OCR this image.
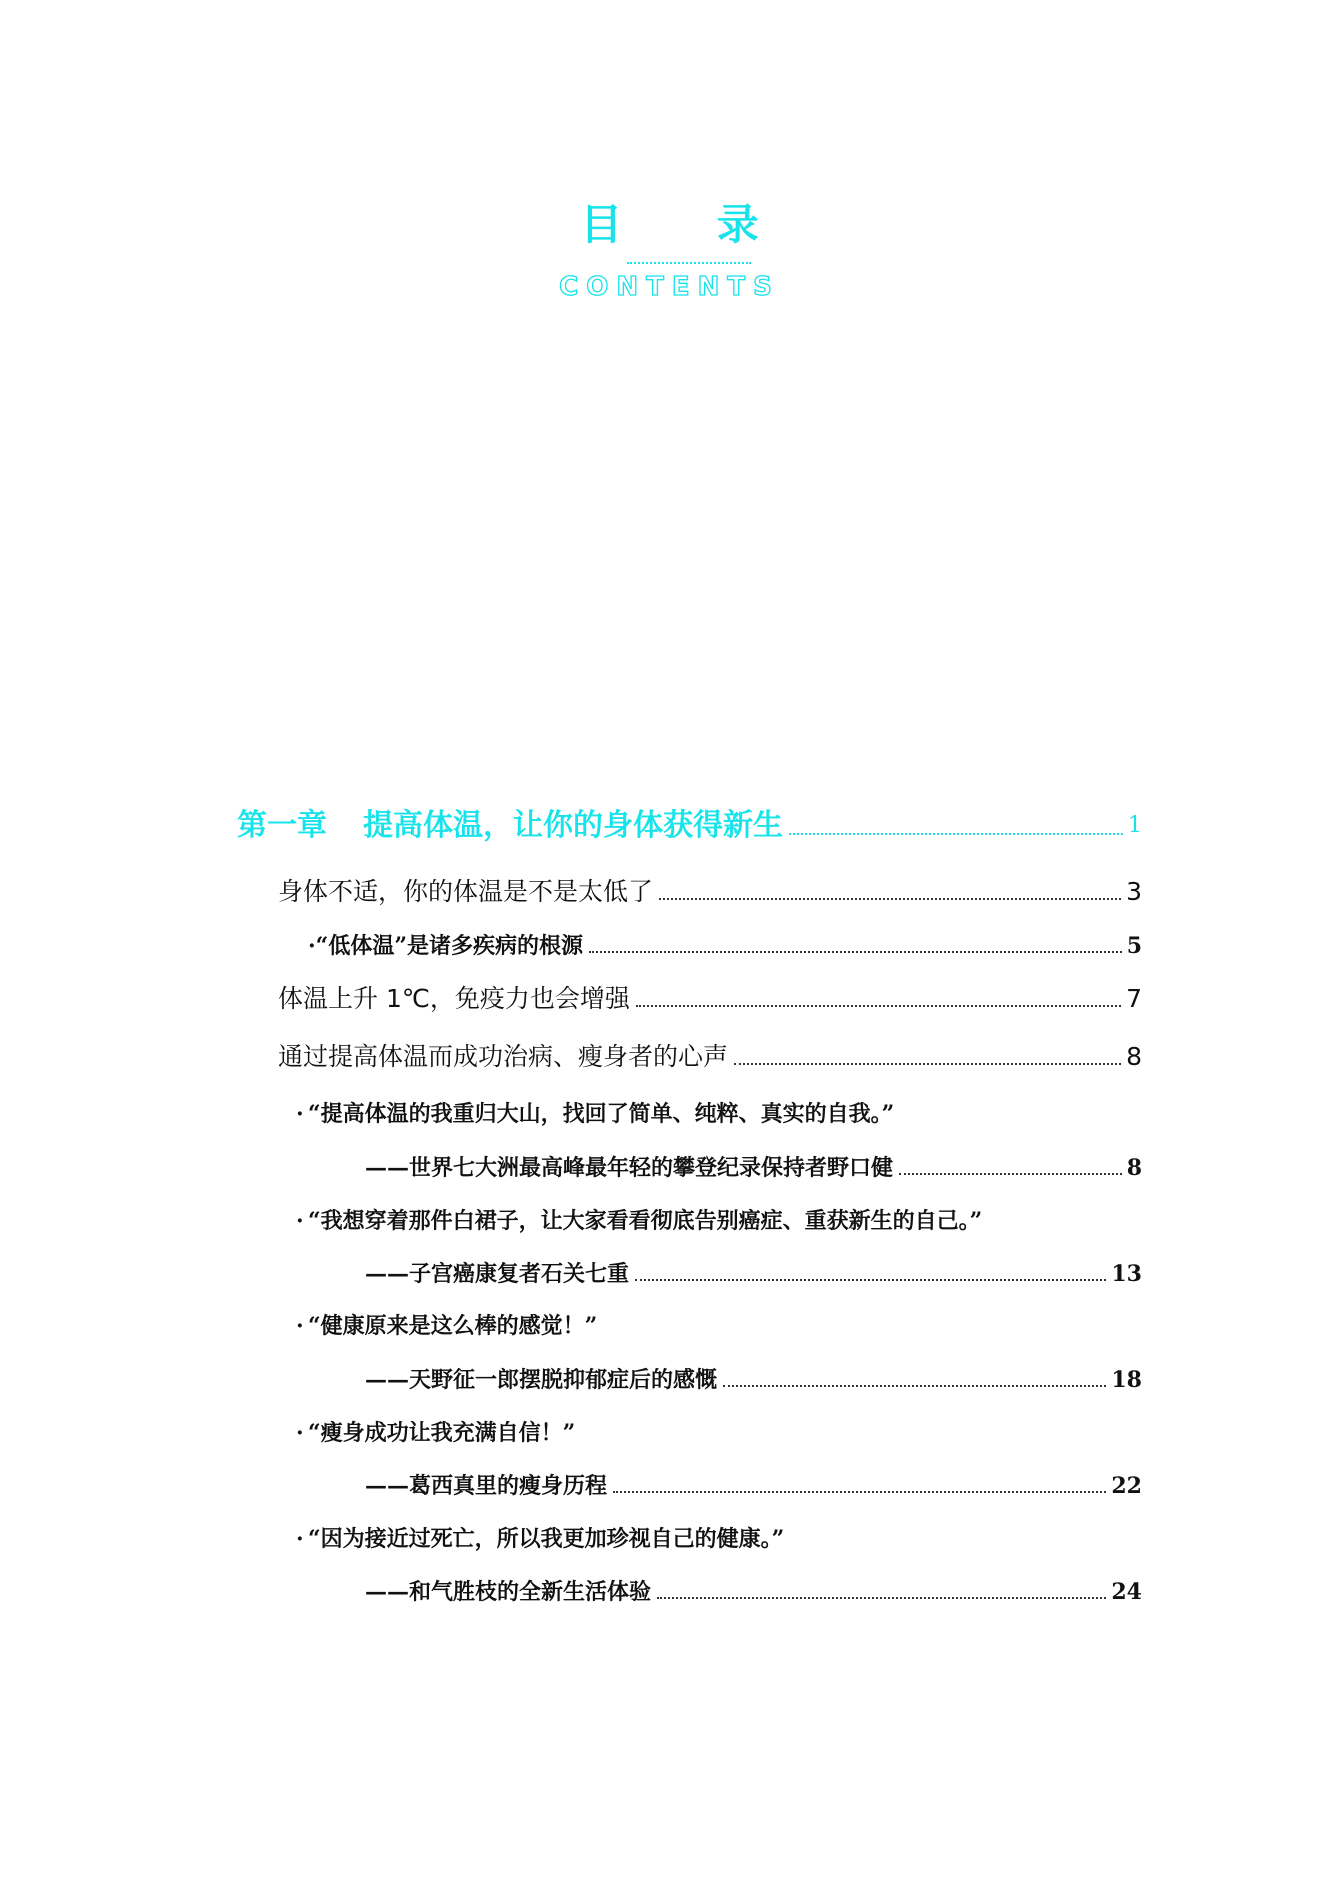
目 录
CONTENTS
第一章 提高体温，让你的身体获得新生	1
身体不适，你的体温是不是太低了	3
·“低体温”是诸多疾病的根源	5
体温上升 1℃，免疫力也会增强	7
通过提高体温而成功治病、瘦身者的心声	8
· “提高体温的我重归大山，找回了简单、纯粹、真实的自我。”
——世界七大洲最高峰最年轻的攀登纪录保持者野口健	8
· “我想穿着那件白裙子，让大家看看彻底告别癌症、重获新生的自己。”
——子宫癌康复者石关七重	13
· “健康原来是这么棒的感觉！”
——天野征一郎摆脱抑郁症后的感慨	18
· “瘦身成功让我充满自信！”
——葛西真里的瘦身历程	22
· “因为接近过死亡，所以我更加珍视自己的健康。”
——和气胜枝的全新生活体验	24
